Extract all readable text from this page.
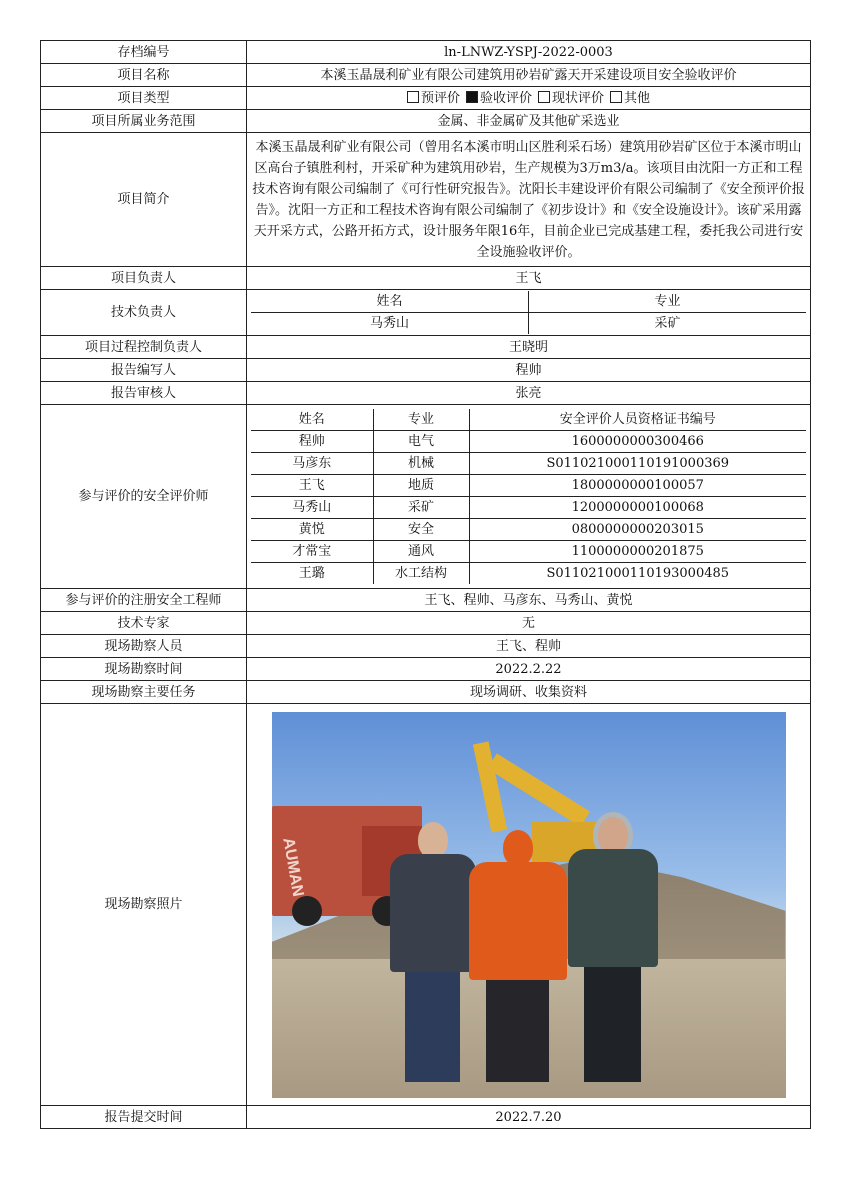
存档编号	ln-LNWZ-YSPJ-2022-0003
项目名称	本溪玉晶晟利矿业有限公司建筑用砂岩矿露天开采建设项目安全验收评价
项目类型	预评价 验收评价 现状评价 其他
项目所属业务范围	金属、非金属矿及其他矿采选业
项目简介	本溪玉晶晟利矿业有限公司（曾用名本溪市明山区胜利采石场）建筑用砂岩矿区位于本溪市明山区高台子镇胜利村，开采矿种为建筑用砂岩，生产规模为3万m3/a。该项目由沈阳一方正和工程技术咨询有限公司编制了《可行性研究报告》。沈阳长丰建设评价有限公司编制了《安全预评价报告》。沈阳一方正和工程技术咨询有限公司编制了《初步设计》和《安全设施设计》。该矿采用露天开采方式，公路开拓方式，设计服务年限16年，目前企业已完成基建工程，委托我公司进行安全设施验收评价。
项目负责人	王飞
技术负责人	
姓名	专业
马秀山	采矿

项目过程控制负责人	王晓明
报告编写人	程帅
报告审核人	张亮
参与评价的安全评价师	
姓名	专业	安全评价人员资格证书编号
程帅	电气	1600000000300466
马彦东	机械	S011021000110191000369
王飞	地质	1800000000100057
马秀山	采矿	1200000000100068
黄悦	安全	0800000000203015
才常宝	通风	1100000000201875
王璐	水工结构	S011021000110193000485

参与评价的注册安全工程师	王飞、程帅、马彦东、马秀山、黄悦
技术专家	无
现场勘察人员	王飞、程帅
现场勘察时间	2022.2.22
现场勘察主要任务	现场调研、收集资料
现场勘察照片	
AUMAN

报告提交时间	2022.7.20
